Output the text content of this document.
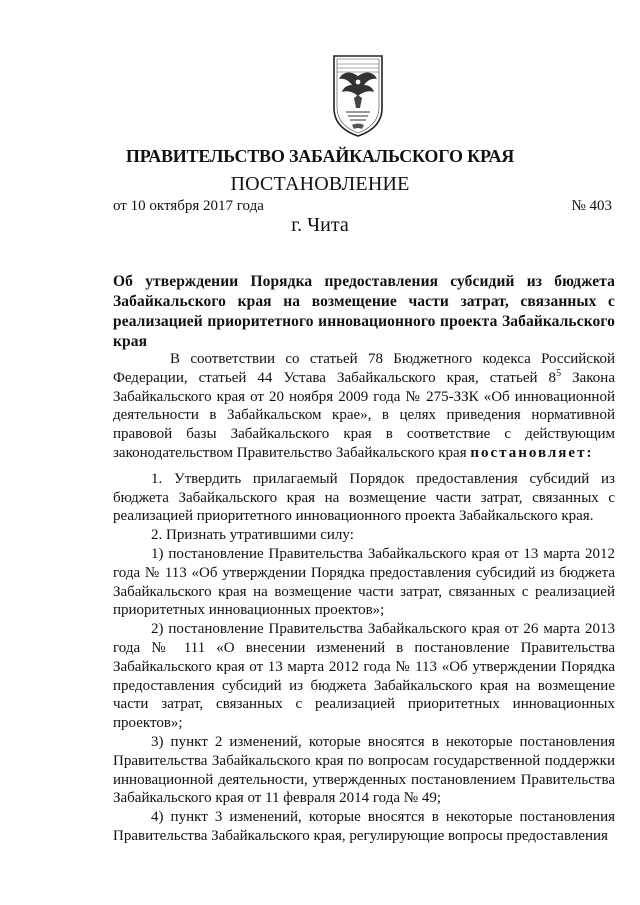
ПРАВИТЕЛЬСТВО ЗАБАЙКАЛЬСКОГО КРАЯ
ПОСТАНОВЛЕНИЕ
от 10 октября 2017 года	№ 403
г. Чита
Об утверждении Порядка предоставления субсидий из бюджета Забайкальского края на возмещение части затрат, связанных с реализацией приоритетного инновационного проекта Забайкальского края

В соответствии со статьей 78 Бюджетного кодекса Российской Федерации, статьей 44 Устава Забайкальского края, статьей $8^5$ Закона Забайкальского края от 20 ноября 2009 года № 275-ЗЗК «Об инновационной деятельности в Забайкальском крае», в целях приведения нормативной правовой базы Забайкальского края в соответствие с действующим законодательством Правительство Забайкальского края постановляет:

1. Утвердить прилагаемый Порядок предоставления субсидий из бюджета Забайкальского края на возмещение части затрат, связанных с реализацией приоритетного инновационного проекта Забайкальского края.

2. Признать утратившими силу:

1) постановление Правительства Забайкальского края от 13 марта 2012 года № 113 «Об утверждении Порядка предоставления субсидий из бюджета Забайкальского края на возмещение части затрат, связанных с реализацией приоритетных инновационных проектов»;

2) постановление Правительства Забайкальского края от 26 марта 2013 года № 111 «О внесении изменений в постановление Правительства Забайкальского края от 13 марта 2012 года № 113 «Об утверждении Порядка предоставления субсидий из бюджета Забайкальского края на возмещение части затрат, связанных с реализацией приоритетных инновационных проектов»;

3) пункт 2 изменений, которые вносятся в некоторые постановления Правительства Забайкальского края по вопросам государственной поддержки инновационной деятельности, утвержденных постановлением Правительства Забайкальского края от 11 февраля 2014 года № 49;

4) пункт 3 изменений, которые вносятся в некоторые постановления Правительства Забайкальского края, регулирующие вопросы предоставления
